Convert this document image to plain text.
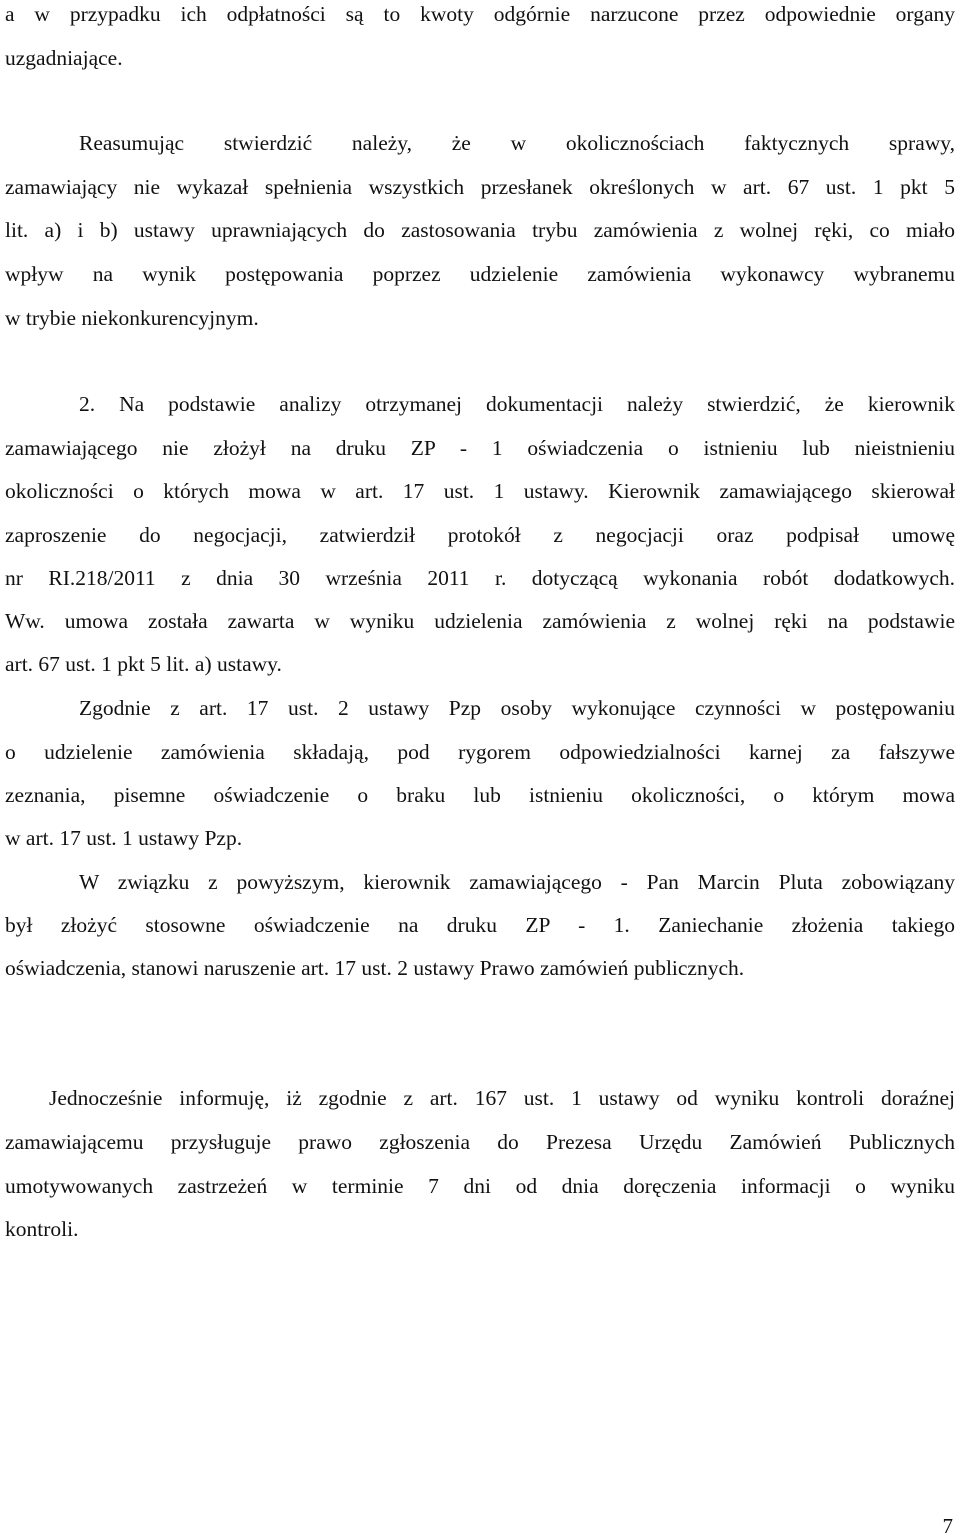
a w przypadku ich odpłatności są to kwoty odgórnie narzucone przez odpowiednie organy

uzgadniające.

Reasumując stwierdzić należy, że w okolicznościach faktycznych sprawy,

zamawiający nie wykazał spełnienia wszystkich przesłanek określonych w art. 67 ust. 1 pkt 5

lit. a) i b) ustawy uprawniających do zastosowania trybu zamówienia z wolnej ręki, co miało

wpływ na wynik postępowania poprzez udzielenie zamówienia wykonawcy wybranemu

w trybie niekonkurencyjnym.

2. Na podstawie analizy otrzymanej dokumentacji należy stwierdzić, że kierownik

zamawiającego nie złożył na druku ZP - 1 oświadczenia o istnieniu lub nieistnieniu

okoliczności o których mowa w art. 17 ust. 1 ustawy. Kierownik zamawiającego skierował

zaproszenie do negocjacji, zatwierdził protokół z negocjacji oraz podpisał umowę

nr RI.218/2011 z dnia 30 września 2011 r. dotyczącą wykonania robót dodatkowych.

Ww. umowa została zawarta w wyniku udzielenia zamówienia z wolnej ręki na podstawie

art. 67 ust. 1 pkt 5 lit. a) ustawy.

Zgodnie z art. 17 ust. 2 ustawy Pzp osoby wykonujące czynności w postępowaniu

o udzielenie zamówienia składają, pod rygorem odpowiedzialności karnej za fałszywe

zeznania, pisemne oświadczenie o braku lub istnieniu okoliczności, o którym mowa

w art. 17 ust. 1 ustawy Pzp.

W związku z powyższym, kierownik zamawiającego - Pan Marcin Pluta zobowiązany

był złożyć stosowne oświadczenie na druku ZP - 1. Zaniechanie złożenia takiego

oświadczenia, stanowi naruszenie art. 17 ust. 2 ustawy Prawo zamówień publicznych.

Jednocześnie informuję, iż zgodnie z art. 167 ust. 1 ustawy od wyniku kontroli doraźnej

zamawiającemu przysługuje prawo zgłoszenia do Prezesa Urzędu Zamówień Publicznych

umotywowanych zastrzeżeń w terminie 7 dni od dnia doręczenia informacji o wyniku

kontroli.

7
